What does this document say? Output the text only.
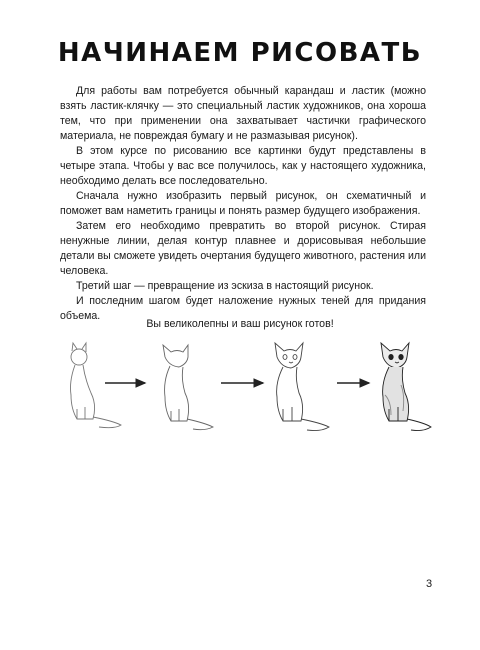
НАЧИНАЕМ РИСОВАТЬ

Для работы вам потребуется обычный карандаш и ластик (можно взять ластик-клячку — это специальный ластик художников, она хороша тем, что при применении она захватывает частички графического материала, не повреждая бумагу и не размазывая рисунок).

В этом курсе по рисованию все картинки будут представлены в четыре этапа. Чтобы у вас все получилось, как у настоящего художника, необходимо делать все последовательно.

Сначала нужно изобразить первый рисунок, он схематичный и поможет вам наметить границы и понять размер будущего изображения.

Затем его необходимо превратить во второй рисунок. Стирая ненужные линии, делая контур плавнее и дорисовывая небольшие детали вы сможете увидеть очертания будущего животного, растения или человека.

Третий шаг — превращение из эскиза в настоящий рисунок.

И последним шагом будет наложение нужных теней для придания объема.

Вы великолепны и ваш рисунок готов!
3
